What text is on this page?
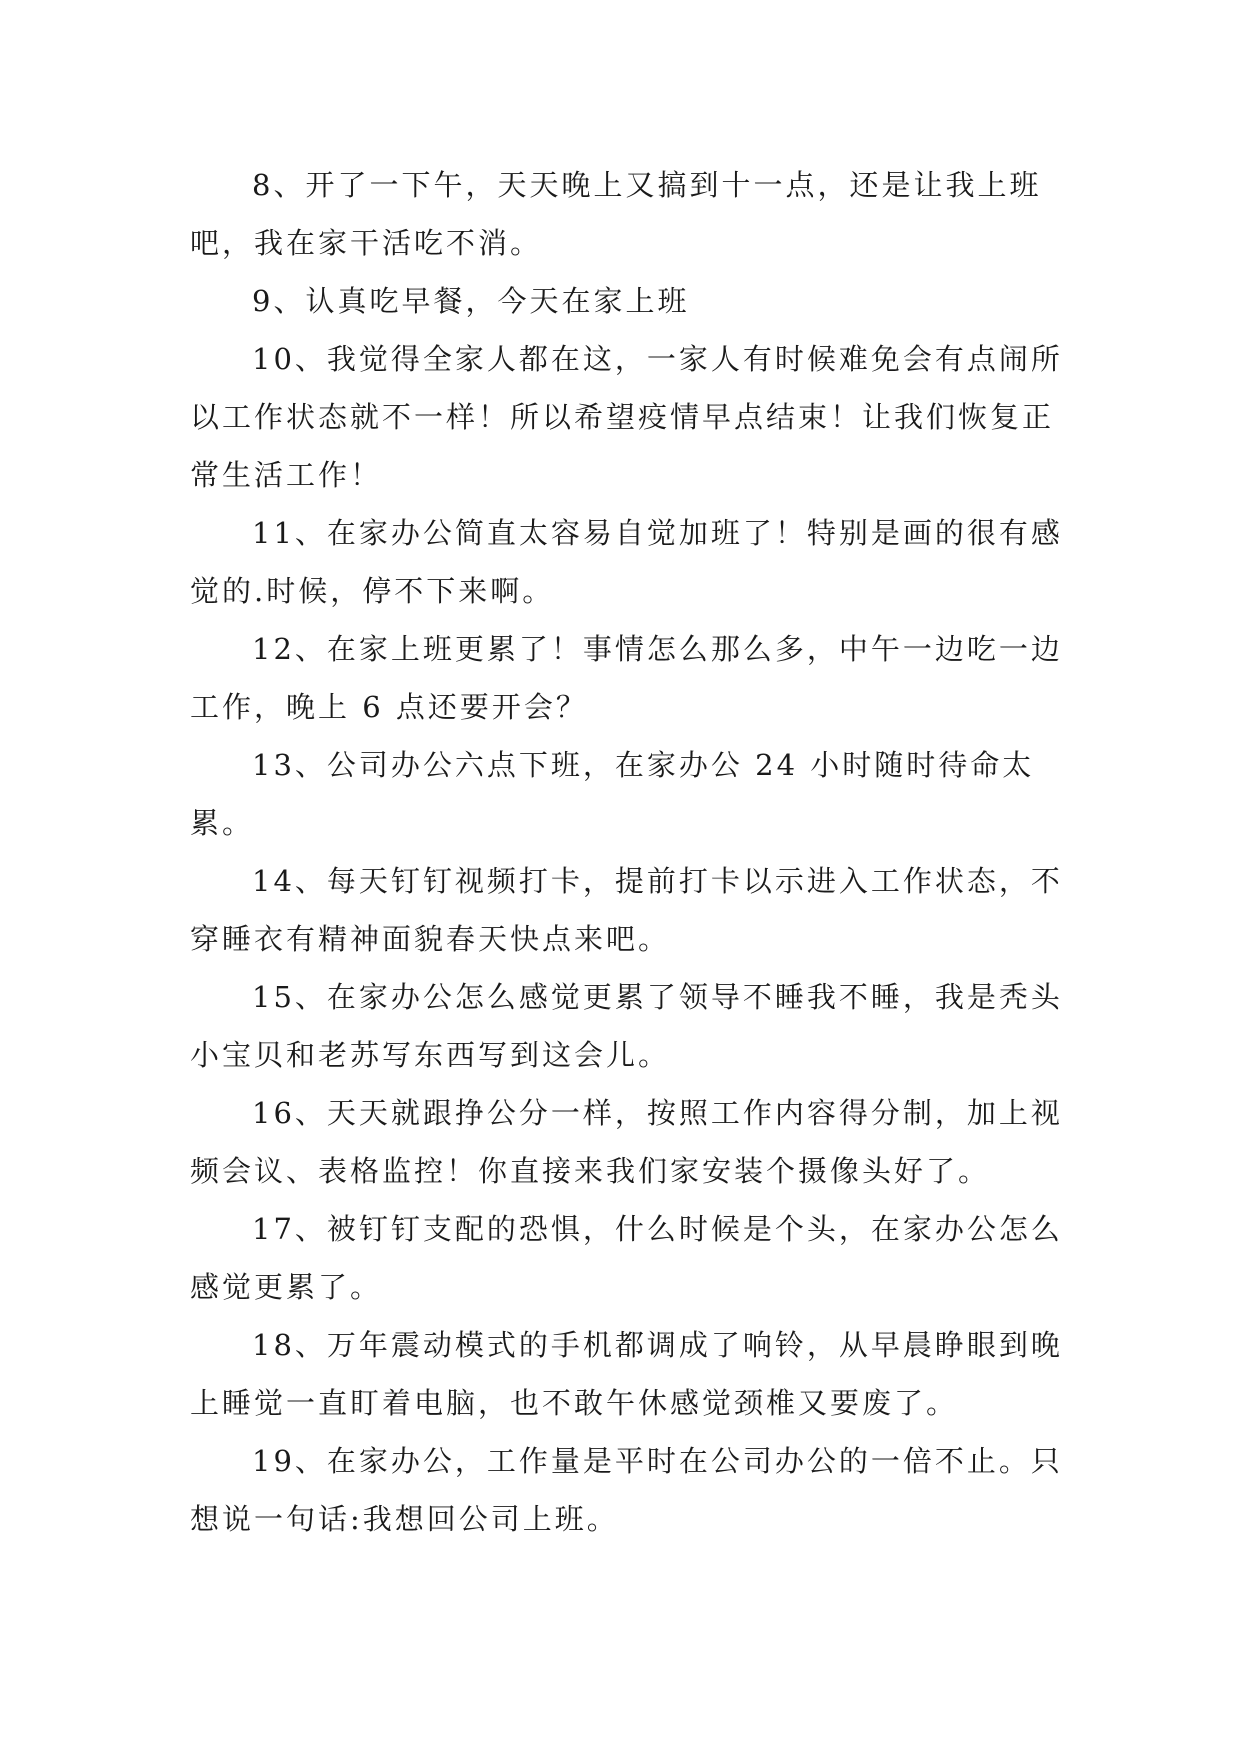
8、开了一下午，天天晚上又搞到十一点，还是让我上班吧，我在家干活吃不消。

9、认真吃早餐，今天在家上班

10、我觉得全家人都在这，一家人有时候难免会有点闹所以工作状态就不一样！所以希望疫情早点结束！让我们恢复正常生活工作！

11、在家办公简直太容易自觉加班了！特别是画的很有感觉的.时候，停不下来啊。

12、在家上班更累了！事情怎么那么多，中午一边吃一边工作，晚上 6 点还要开会？

13、公司办公六点下班，在家办公 24 小时随时待命太累。

14、每天钉钉视频打卡，提前打卡以示进入工作状态，不穿睡衣有精神面貌春天快点来吧。

15、在家办公怎么感觉更累了领导不睡我不睡，我是秃头小宝贝和老苏写东西写到这会儿。

16、天天就跟挣公分一样，按照工作内容得分制，加上视频会议、表格监控！你直接来我们家安装个摄像头好了。

17、被钉钉支配的恐惧，什么时候是个头，在家办公怎么感觉更累了。

18、万年震动模式的手机都调成了响铃，从早晨睁眼到晚上睡觉一直盯着电脑，也不敢午休感觉颈椎又要废了。

19、在家办公，工作量是平时在公司办公的一倍不止。只想说一句话:我想回公司上班。
